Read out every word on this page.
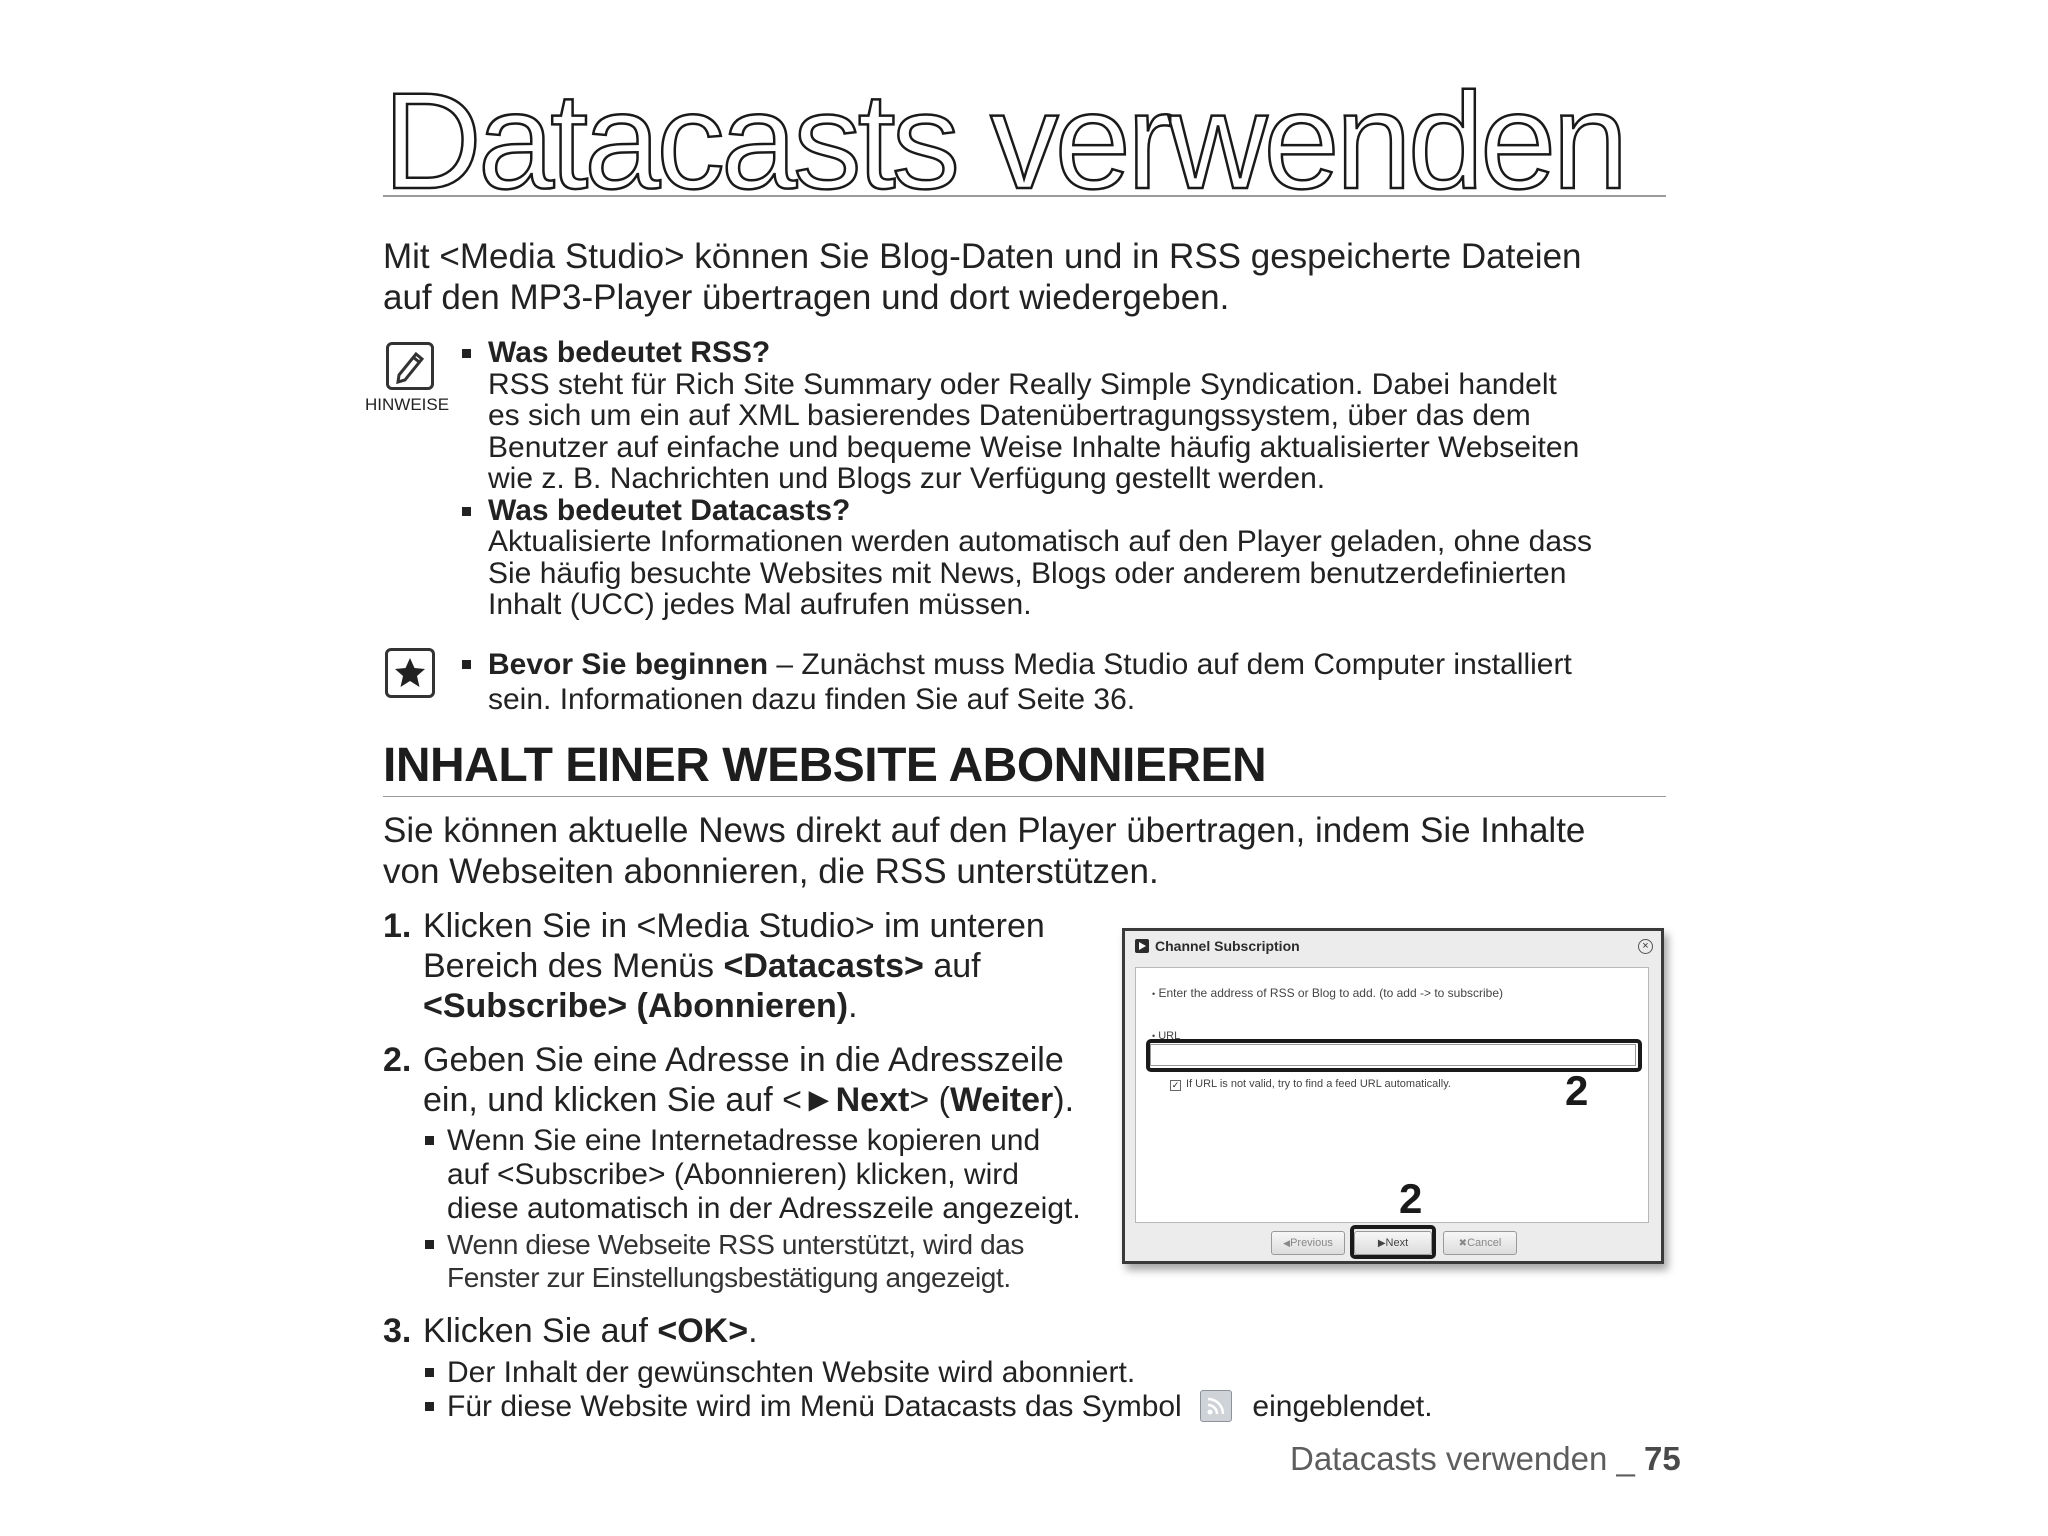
Datacasts verwenden
Mit <Media Studio> können Sie Blog-Daten und in RSS gespeicherte Dateien
auf den MP3-Player übertragen und dort wiedergeben.
HINWEISE
Was bedeutet RSS?
RSS steht für Rich Site Summary oder Really Simple Syndication. Dabei handelt
es sich um ein auf XML basierendes Datenübertragungssystem, über das dem
Benutzer auf einfache und bequeme Weise Inhalte häufig aktualisierter Webseiten
wie z. B. Nachrichten und Blogs zur Verfügung gestellt werden.
Was bedeutet Datacasts?
Aktualisierte Informationen werden automatisch auf den Player geladen, ohne dass
Sie häufig besuchte Websites mit News, Blogs oder anderem benutzerdefinierten
Inhalt (UCC) jedes Mal aufrufen müssen.
Bevor Sie beginnen – Zunächst muss Media Studio auf dem Computer installiert
sein. Informationen dazu finden Sie auf Seite 36.
INHALT EINER WEBSITE ABONNIEREN
Sie können aktuelle News direkt auf den Player übertragen, indem Sie Inhalte
von Webseiten abonnieren, die RSS unterstützen.
1. Klicken Sie in <Media Studio> im unteren
Bereich des Menüs <Datacasts> auf
<Subscribe> (Abonnieren).
2. Geben Sie eine Adresse in die Adresszeile
ein, und klicken Sie auf <►Next> (Weiter).
Wenn Sie eine Internetadresse kopieren und
auf <Subscribe> (Abonnieren) klicken, wird
diese automatisch in der Adresszeile angezeigt.
Wenn diese Webseite RSS unterstützt, wird das
Fenster zur Einstellungsbestätigung angezeigt.
3. Klicken Sie auf <OK>.
Der Inhalt der gewünschten Website wird abonniert.
Für diese Website wird im Menü Datacasts das Symbol eingeblendet.
Channel Subscription	×
• Enter the address of RSS or Blog to add. (to add -> to subscribe)
• URL
✓ If URL is not valid, try to find a feed URL automatically.	2
2
◀Previous	▶Next	✖Cancel
Datacasts verwenden _ 75
